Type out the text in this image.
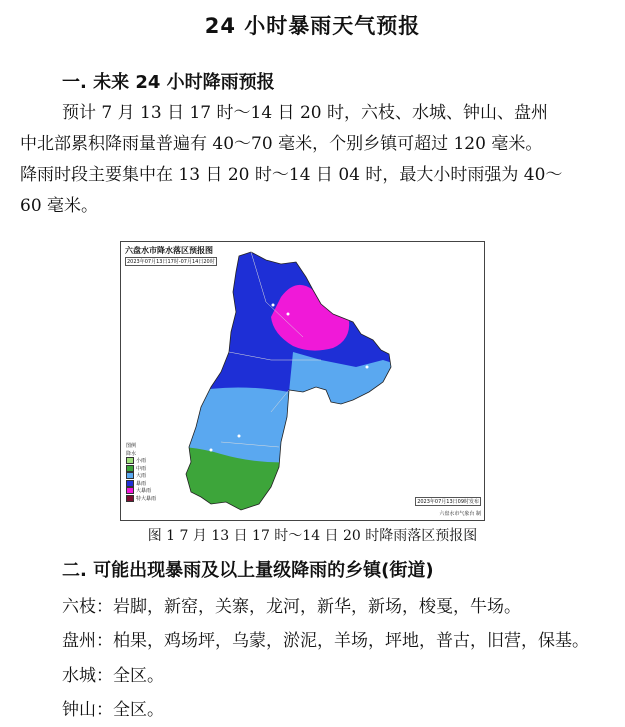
24 小时暴雨天气预报
一. 未来 24 小时降雨预报
预计 7 月 13 日 17 时～14 日 20 时，六枝、水城、钟山、盘州
中北部累积降雨量普遍有 40～70 毫米，个别乡镇可超过 120 毫米。
降雨时段主要集中在 13 日 20 时～14 日 04 时，最大小时雨强为 40～
60 毫米。
六盘水市降水落区预报图
2023年07月13日17时-07月14日20时
图例
降水
小雨
中雨
大雨
暴雨
大暴雨
特大暴雨
2023年07月13日09时发布
六盘水市气象台 制
图 1 7 月 13 日 17 时～14 日 20 时降雨落区预报图
二. 可能出现暴雨及以上量级降雨的乡镇(街道)
六枝：岩脚，新窑，关寨，龙河，新华，新场，梭戛，牛场。
盘州：柏果，鸡场坪，乌蒙，淤泥，羊场，坪地，普古，旧营，保基。
水城：全区。
钟山：全区。
